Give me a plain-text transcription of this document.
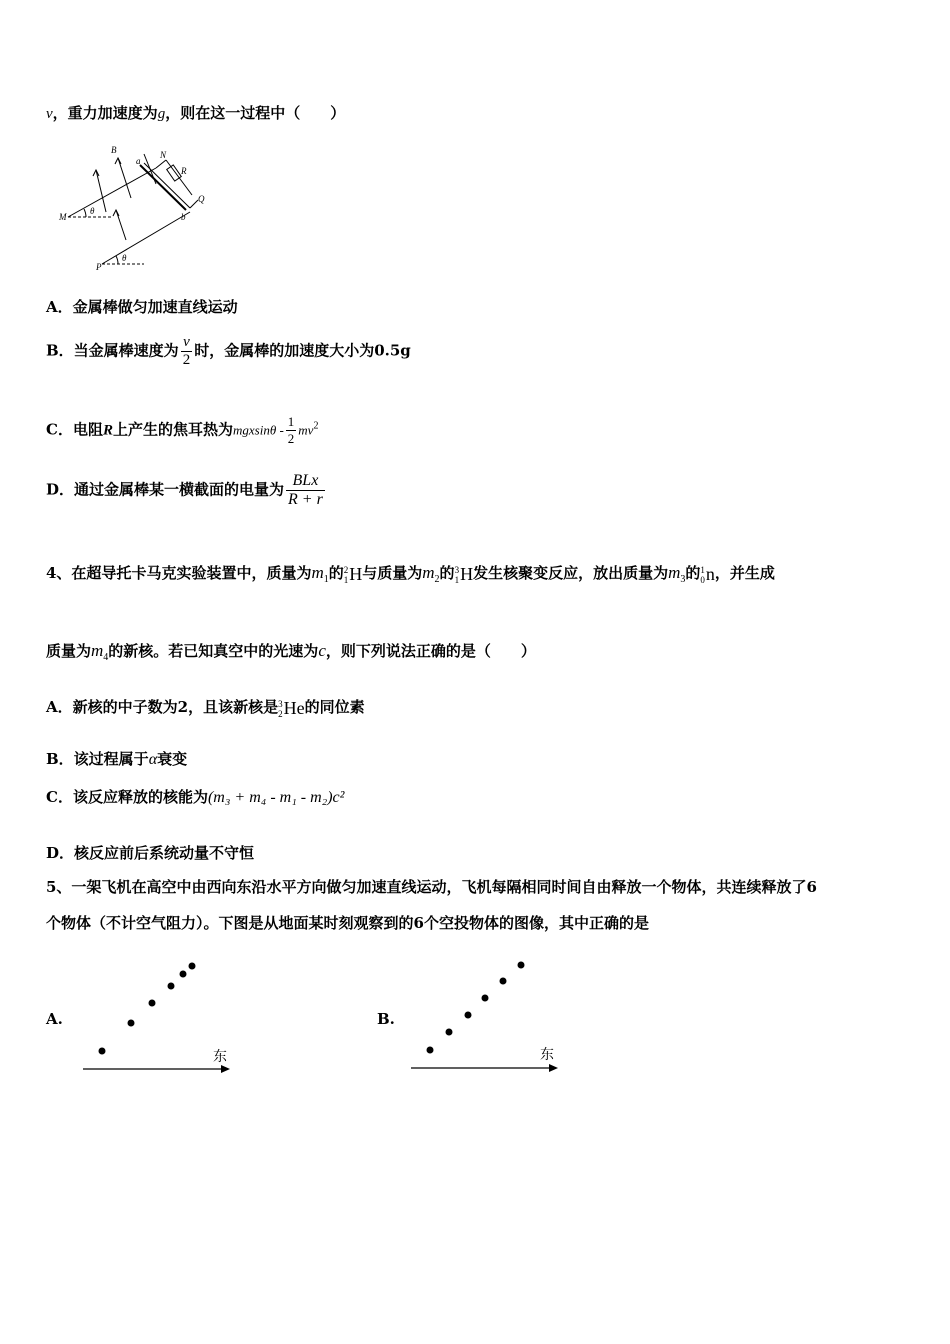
v，重力加速度为g，则在这一过程中（　　）
B
a
N
R
Q
M
θ
b
P
θ
A．金属棒做匀加速直线运动
B．当金属棒速度为 $\frac{v}{2}$ 时，金属棒的加速度大小为0.5g
C．电阻R上产生的焦耳热为mgxsinθ - $\frac{1}{2} mv^2$
D．通过金属棒某一横截面的电量为 $\frac{\text{BLx}}{R + r}$
4、在超导托卡马克实验装置中，质量为$m_1$的2
1H与质量为$m_2$的3
1H发生核聚变反应，放出质量为$m_3$的1
0n，并生成
质量为$m_4$的新核。若已知真空中的光速为c，则下列说法正确的是（　　）
A．新核的中子数为2，且该新核是3
2He的同位素
B．该过程属于α衰变
C．该反应释放的核能为(m₃ + m₄ - m₁ - m₂)c²
D．核反应前后系统动量不守恒
5、一架飞机在高空中由西向东沿水平方向做匀加速直线运动，飞机每隔相同时间自由释放一个物体，共连续释放了6
个物体（不计空气阻力）。下图是从地面某时刻观察到的6个空投物体的图像，其中正确的是
A.
东
B.
东
